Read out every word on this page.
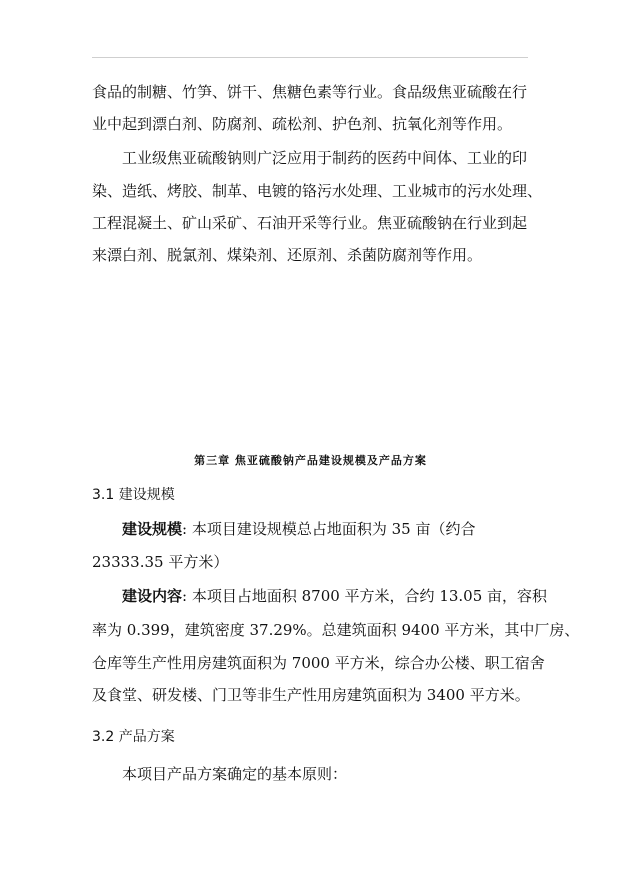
食品的制糖、竹笋、饼干、焦糖色素等行业。食品级焦亚硫酸在行
业中起到漂白剂、防腐剂、疏松剂、护色剂、抗氧化剂等作用。
工业级焦亚硫酸钠则广泛应用于制药的医药中间体、工业的印
染、造纸、烤胶、制革、电镀的铬污水处理、工业城市的污水处理、
工程混凝土、矿山采矿、石油开采等行业。焦亚硫酸钠在行业到起
来漂白剂、脱氯剂、煤染剂、还原剂、杀菌防腐剂等作用。
第三章 焦亚硫酸钠产品建设规模及产品方案
3.1 建设规模
建设规模: 本项目建设规模总占地面积为 35 亩（约合
23333.35 平方米）
建设内容: 本项目占地面积 8700 平方米，合约 13.05 亩，容积
率为 0.399，建筑密度 37.29%。总建筑面积 9400 平方米，其中厂房、
仓库等生产性用房建筑面积为 7000 平方米，综合办公楼、职工宿舍
及食堂、研发楼、门卫等非生产性用房建筑面积为 3400 平方米。
3.2 产品方案
本项目产品方案确定的基本原则：
